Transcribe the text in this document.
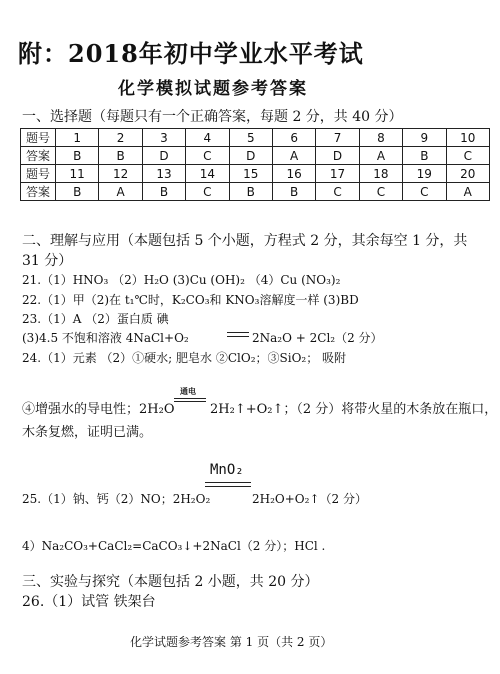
附：2018年初中学业水平考试
化学模拟试题参考答案
一、选择题（每题只有一个正确答案，每题 2 分，共 40 分）
题号	1	2	3	4	5	6	7	8	9	10
答案	B	B	D	C	D	A	D	A	B	C
题号	11	12	13	14	15	16	17	18	19	20
答案	B	A	B	C	B	B	C	C	C	A
二、理解与应用（本题包括 5 个小题，方程式 2 分，其余每空 1 分，共
31 分）
21.（1）HNO₃ （2）H₂O (3)Cu (OH)₂ （4）Cu (NO₃)₂
22.（1）甲（2)在 t₁℃时，K₂CO₃和 KNO₃溶解度一样 (3)BD
23.（1）A （2）蛋白质 碘
(3)4.5 不饱和溶液 4NaCl+O₂	2Na₂O + 2Cl₂（2 分）
24.（1）元素 （2）①硬水; 肥皂水 ②ClO₂；③SiO₂； 吸附
通电
④增强水的导电性；2H₂O	2H₂↑+O₂↑；（2 分）将带火星的木条放在瓶口，
木条复燃，证明已满。
MnO₂
25.（1）钠、钙（2）NO；2H₂O₂	2H₂O+O₂↑（2 分）
4）Na₂CO₃+CaCl₂=CaCO₃↓+2NaCl（2 分）；HCl .
三、实验与探究（本题包括 2 小题，共 20 分）
26.（1）试管 铁架台
化学试题参考答案 第 1 页（共 2 页）
